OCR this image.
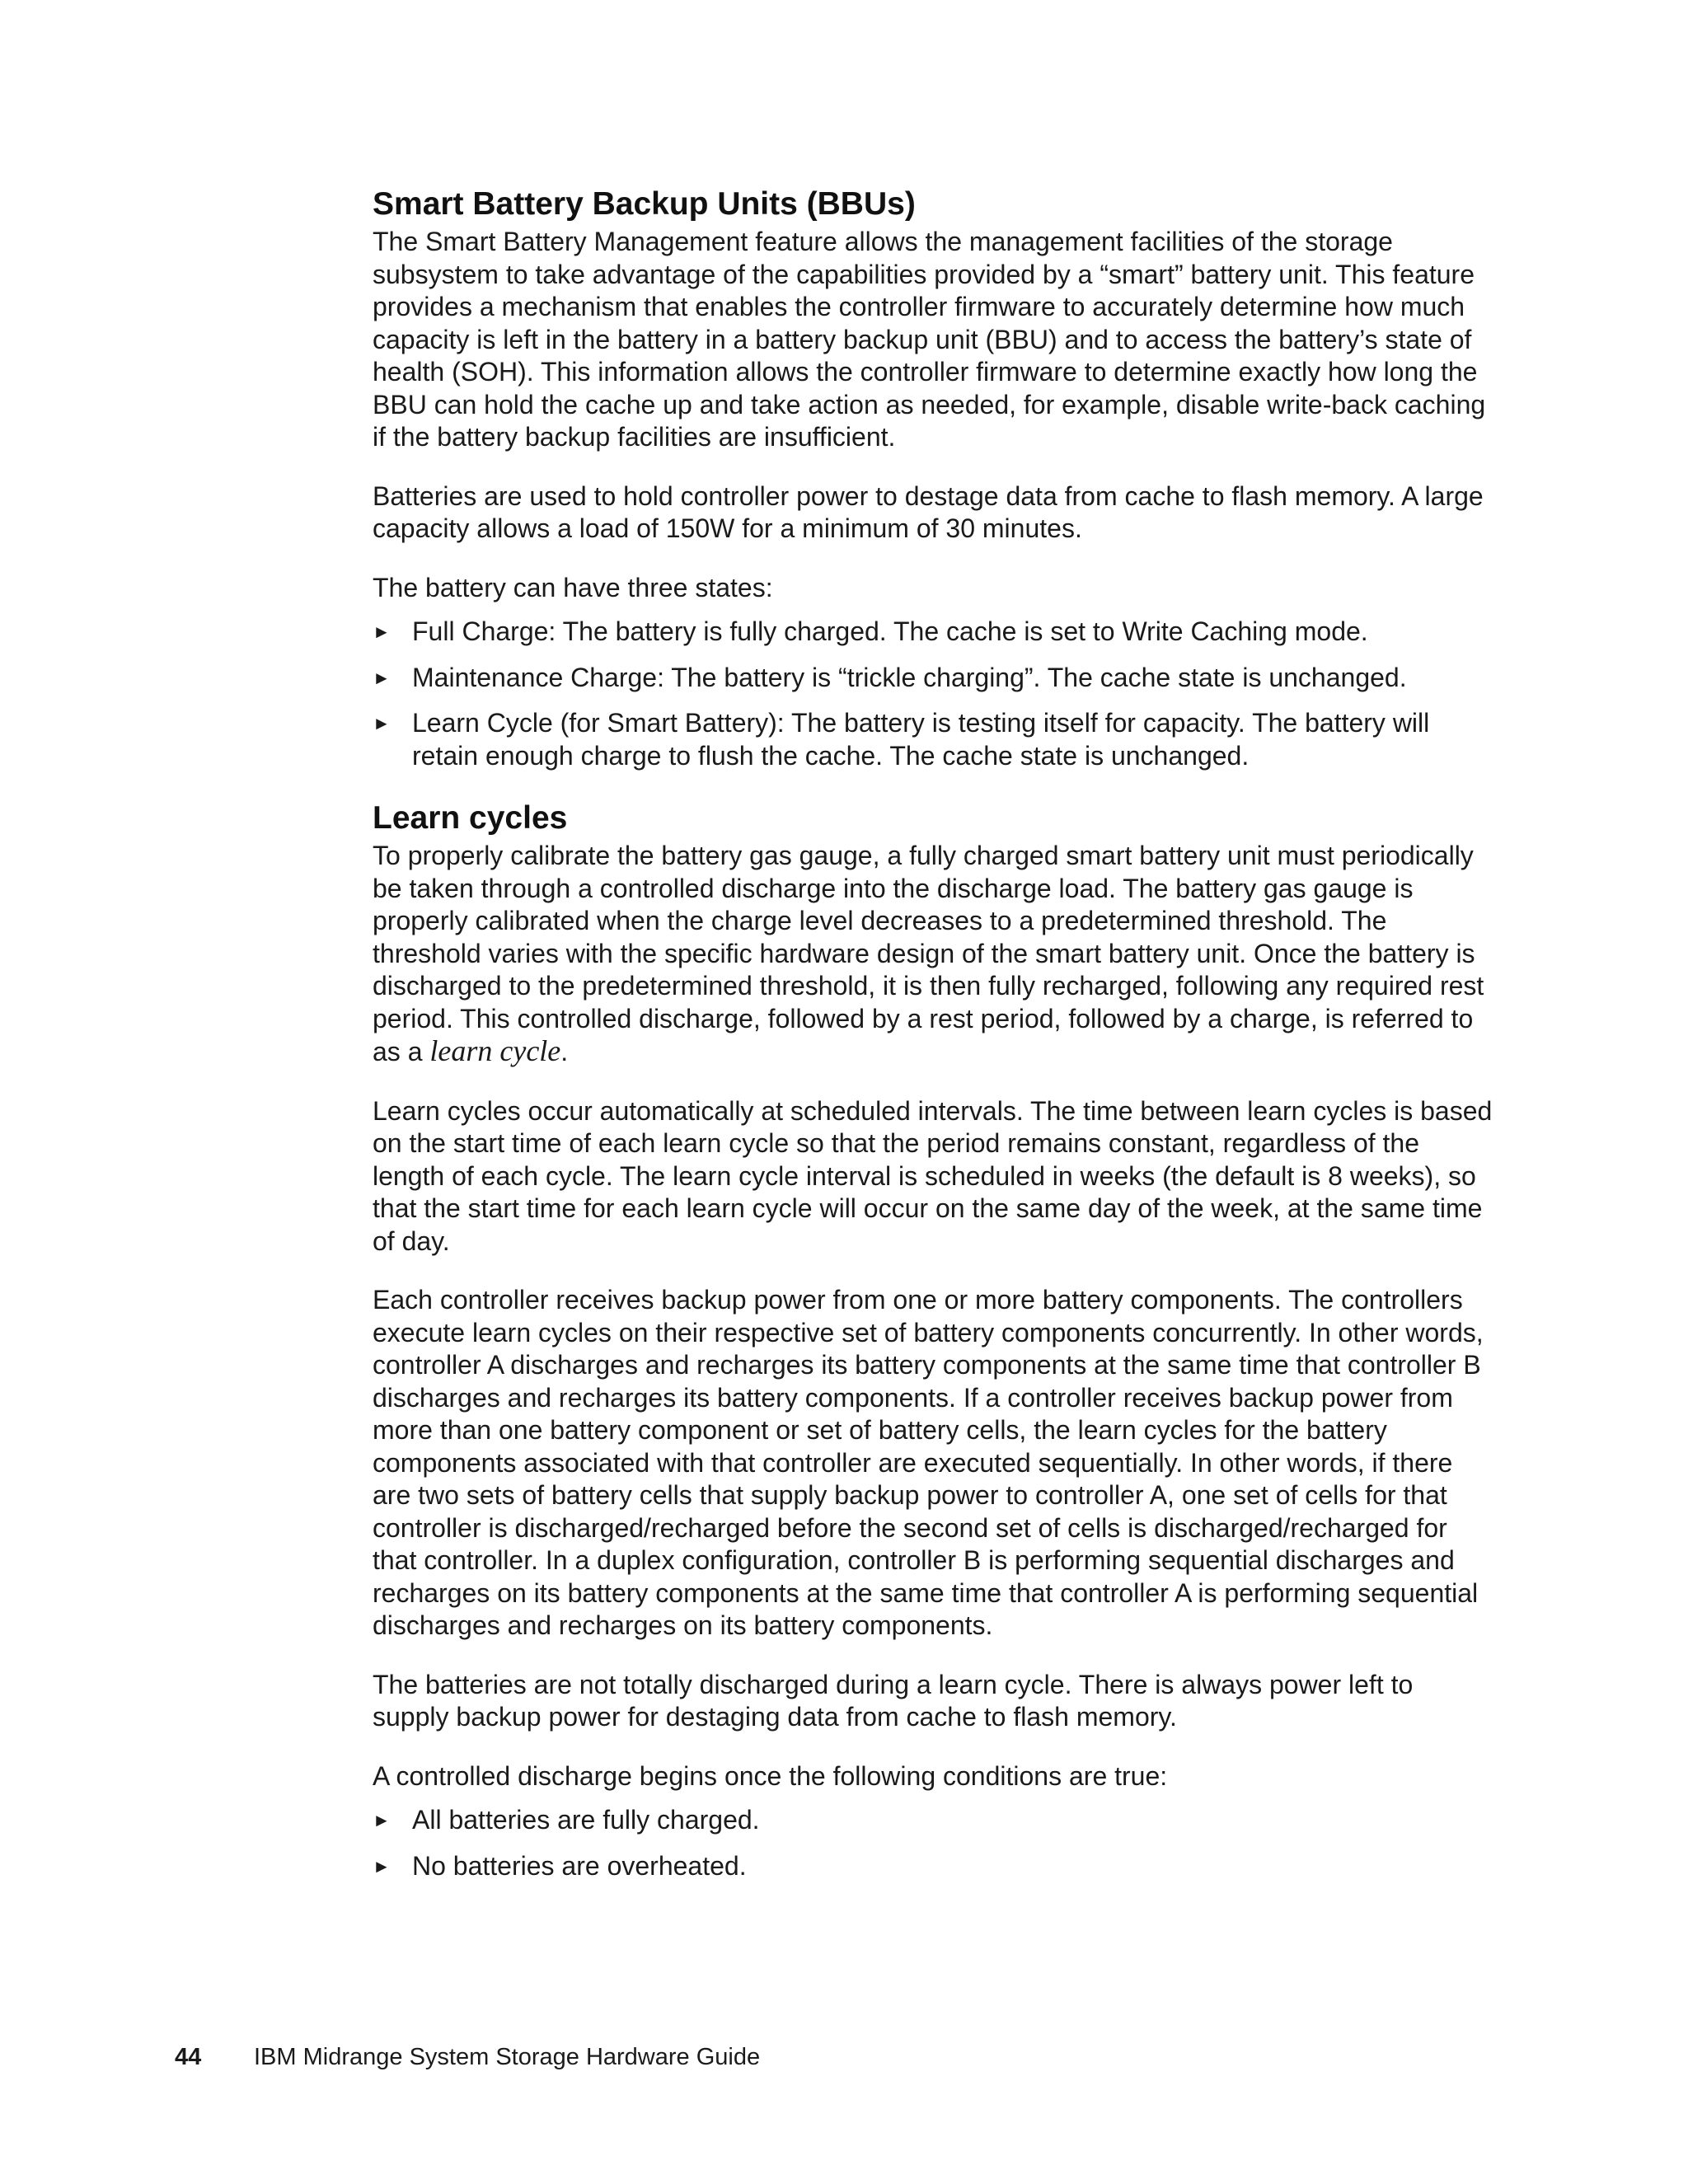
Smart Battery Backup Units (BBUs)

The Smart Battery Management feature allows the management facilities of the storage subsystem to take advantage of the capabilities provided by a “smart” battery unit. This feature provides a mechanism that enables the controller firmware to accurately determine how much capacity is left in the battery in a battery backup unit (BBU) and to access the battery’s state of health (SOH). This information allows the controller firmware to determine exactly how long the BBU can hold the cache up and take action as needed, for example, disable write-back caching if the battery backup facilities are insufficient.

Batteries are used to hold controller power to destage data from cache to flash memory. A large capacity allows a load of 150W for a minimum of 30 minutes.

The battery can have three states:

► Full Charge: The battery is fully charged. The cache is set to Write Caching mode.
► Maintenance Charge: The battery is “trickle charging”. The cache state is unchanged.
► Learn Cycle (for Smart Battery): The battery is testing itself for capacity. The battery will retain enough charge to flush the cache. The cache state is unchanged.
Learn cycles

To properly calibrate the battery gas gauge, a fully charged smart battery unit must periodically be taken through a controlled discharge into the discharge load. The battery gas gauge is properly calibrated when the charge level decreases to a predetermined threshold. The threshold varies with the specific hardware design of the smart battery unit. Once the battery is discharged to the predetermined threshold, it is then fully recharged, following any required rest period. This controlled discharge, followed by a rest period, followed by a charge, is referred to as a learn cycle.

Learn cycles occur automatically at scheduled intervals. The time between learn cycles is based on the start time of each learn cycle so that the period remains constant, regardless of the length of each cycle. The learn cycle interval is scheduled in weeks (the default is 8 weeks), so that the start time for each learn cycle will occur on the same day of the week, at the same time of day.

Each controller receives backup power from one or more battery components. The controllers execute learn cycles on their respective set of battery components concurrently. In other words, controller A discharges and recharges its battery components at the same time that controller B discharges and recharges its battery components. If a controller receives backup power from more than one battery component or set of battery cells, the learn cycles for the battery components associated with that controller are executed sequentially. In other words, if there are two sets of battery cells that supply backup power to controller A, one set of cells for that controller is discharged/recharged before the second set of cells is discharged/recharged for that controller. In a duplex configuration, controller B is performing sequential discharges and recharges on its battery components at the same time that controller A is performing sequential discharges and recharges on its battery components.

The batteries are not totally discharged during a learn cycle. There is always power left to supply backup power for destaging data from cache to flash memory.

A controlled discharge begins once the following conditions are true:

► All batteries are fully charged.
► No batteries are overheated.
44 IBM Midrange System Storage Hardware Guide
